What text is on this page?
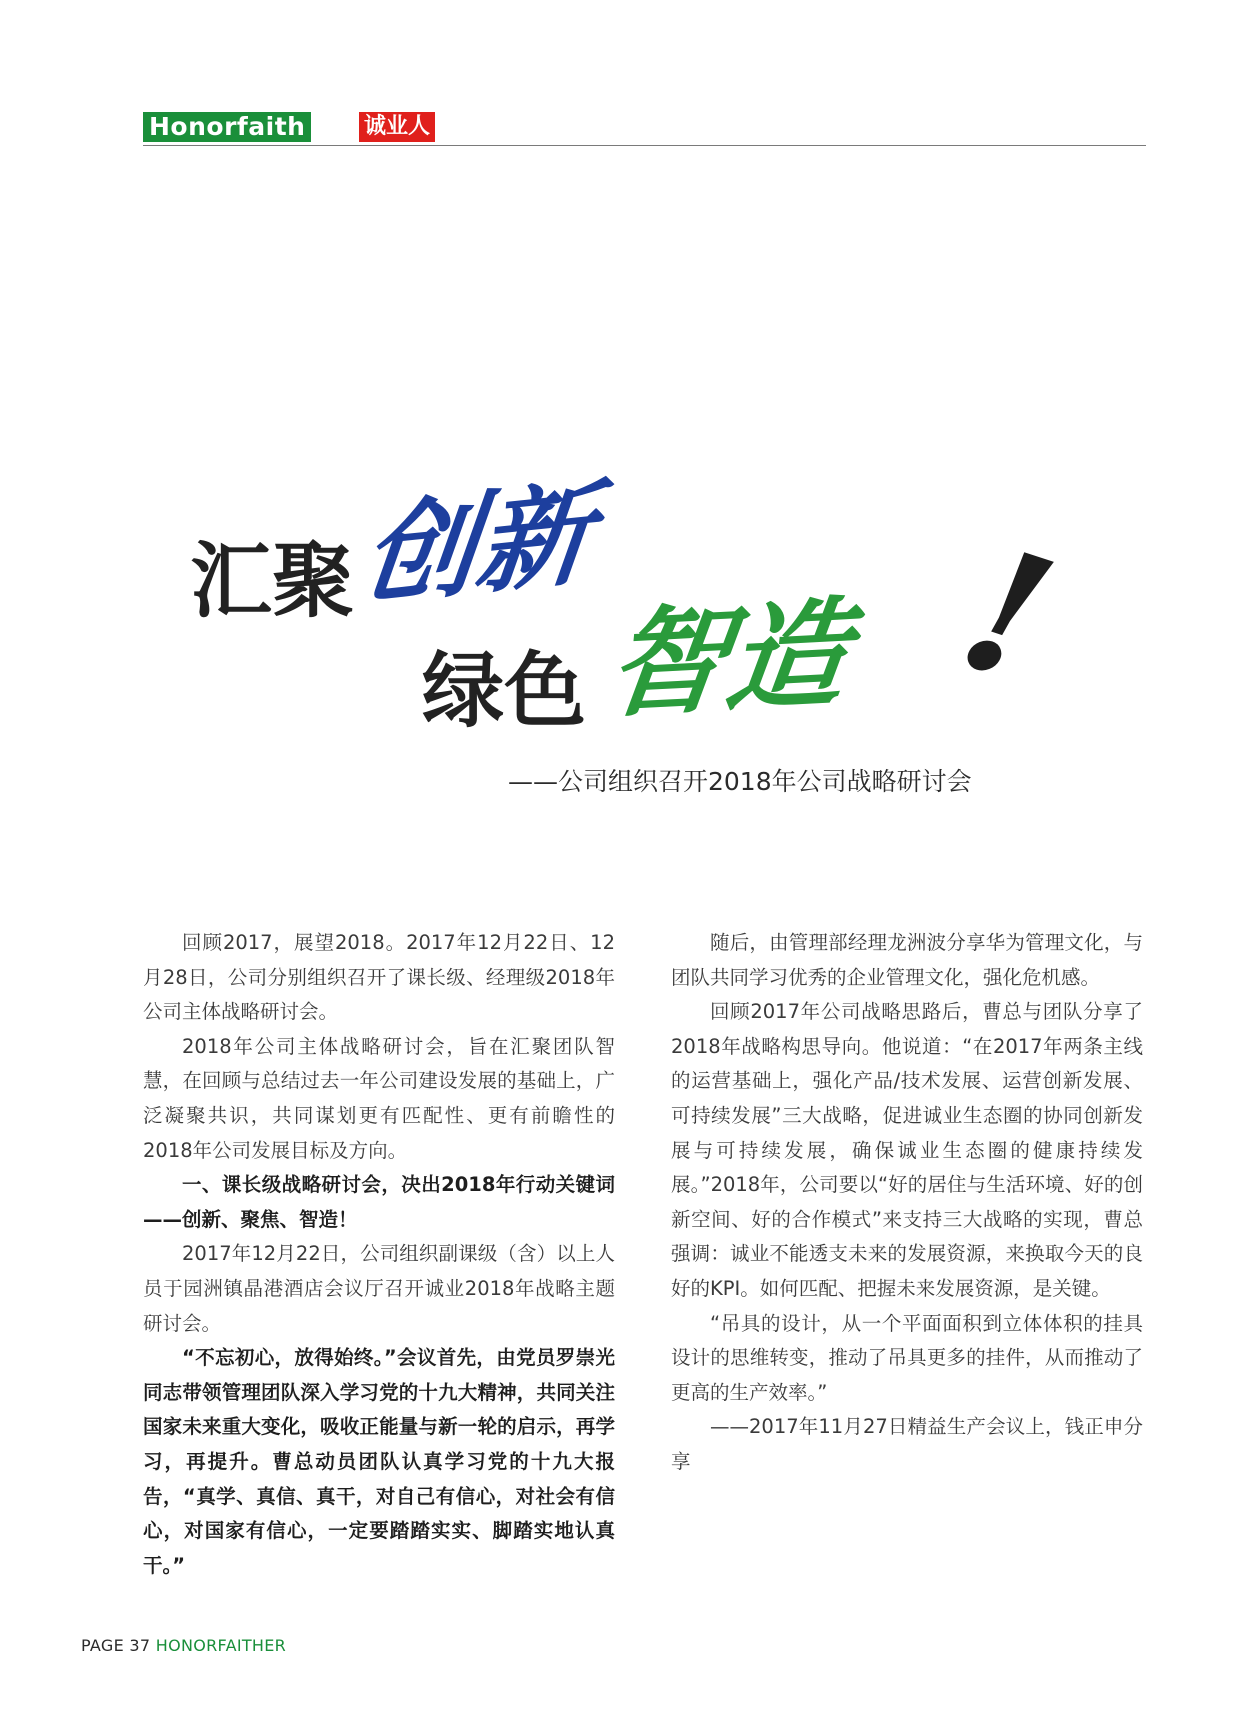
Honorfaith	诚业人
汇聚 创新
绿色 智造 !
——公司组织召开2018年公司战略研讨会

回顾2017，展望2018。2017年12月22日、12月28日，公司分别组织召开了课长级、经理级2018年公司主体战略研讨会。

2018年公司主体战略研讨会，旨在汇聚团队智慧，在回顾与总结过去一年公司建设发展的基础上，广泛凝聚共识，共同谋划更有匹配性、更有前瞻性的2018年公司发展目标及方向。

一、课长级战略研讨会，决出2018年行动关键词——创新、聚焦、智造！

2017年12月22日，公司组织副课级（含）以上人员于园洲镇晶港酒店会议厅召开诚业2018年战略主题研讨会。

“不忘初心，放得始终。”会议首先，由党员罗崇光同志带领管理团队深入学习党的十九大精神，共同关注国家未来重大变化，吸收正能量与新一轮的启示，再学习，再提升。曹总动员团队认真学习党的十九大报告，“真学、真信、真干，对自己有信心，对社会有信心，对国家有信心，一定要踏踏实实、脚踏实地认真干。”

随后，由管理部经理龙洲波分享华为管理文化，与团队共同学习优秀的企业管理文化，强化危机感。

回顾2017年公司战略思路后，曹总与团队分享了2018年战略构思导向。他说道：“在2017年两条主线的运营基础上，强化产品/技术发展、运营创新发展、可持续发展”三大战略，促进诚业生态圈的协同创新发展与可持续发展，确保诚业生态圈的健康持续发展。”2018年，公司要以“好的居住与生活环境、好的创新空间、好的合作模式”来支持三大战略的实现，曹总强调：诚业不能透支未来的发展资源，来换取今天的良好的KPI。如何匹配、把握未来发展资源，是关键。

“吊具的设计，从一个平面面积到立体体积的挂具设计的思维转变，推动了吊具更多的挂件，从而推动了更高的生产效率。”

——2017年11月27日精益生产会议上，钱正申分享

PAGE 37 HONORFAITHER
